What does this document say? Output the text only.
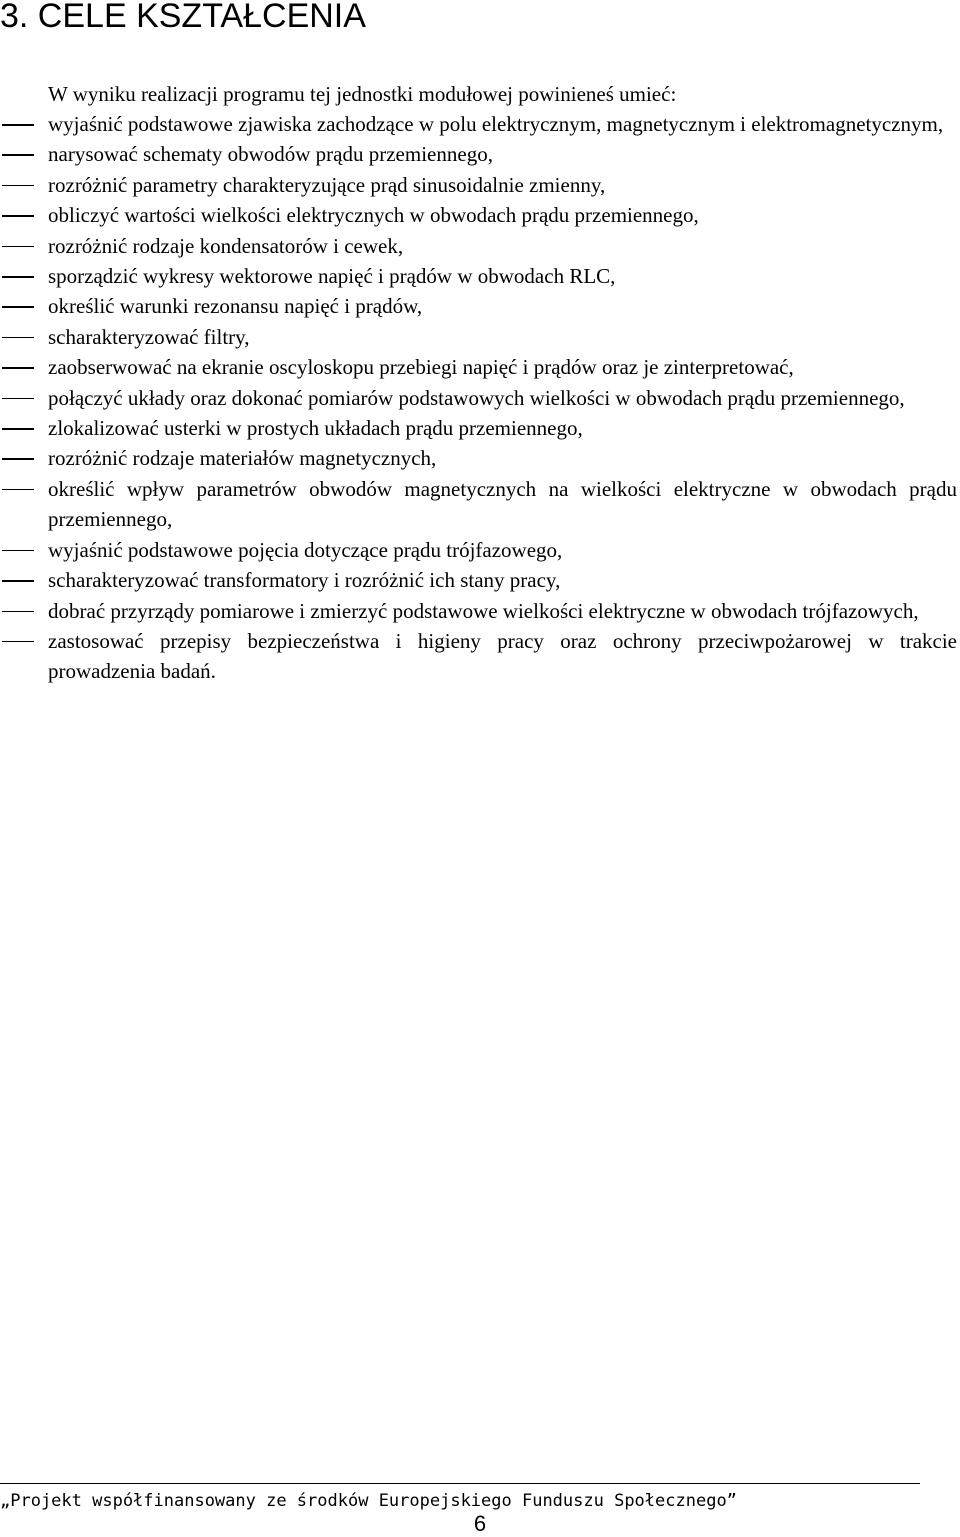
3. CELE KSZTAŁCENIA

W wyniku realizacji programu tej jednostki modułowej powinieneś umieć:

wyjaśnić podstawowe zjawiska zachodzące w polu elektrycznym, magnetycznym i elektromagnetycznym,
narysować schematy obwodów prądu przemiennego,
rozróżnić parametry charakteryzujące prąd sinusoidalnie zmienny,
obliczyć wartości wielkości elektrycznych w obwodach prądu przemiennego,
rozróżnić rodzaje kondensatorów i cewek,
sporządzić wykresy wektorowe napięć i prądów w obwodach RLC,
określić warunki rezonansu napięć i prądów,
scharakteryzować filtry,
zaobserwować na ekranie oscyloskopu przebiegi napięć i prądów oraz je zinterpretować,
połączyć układy oraz dokonać pomiarów podstawowych wielkości w obwodach prądu przemiennego,
zlokalizować usterki w prostych układach prądu przemiennego,
rozróżnić rodzaje materiałów magnetycznych,
określić wpływ parametrów obwodów magnetycznych na wielkości elektryczne w obwodach prądu przemiennego,
wyjaśnić podstawowe pojęcia dotyczące prądu trójfazowego,
scharakteryzować transformatory i rozróżnić ich stany pracy,
dobrać przyrządy pomiarowe i zmierzyć podstawowe wielkości elektryczne w obwodach trójfazowych,
zastosować przepisy bezpieczeństwa i higieny pracy oraz ochrony przeciwpożarowej w trakcie prowadzenia badań.

„Projekt współfinansowany ze środków Europejskiego Funduszu Społecznego”

6
